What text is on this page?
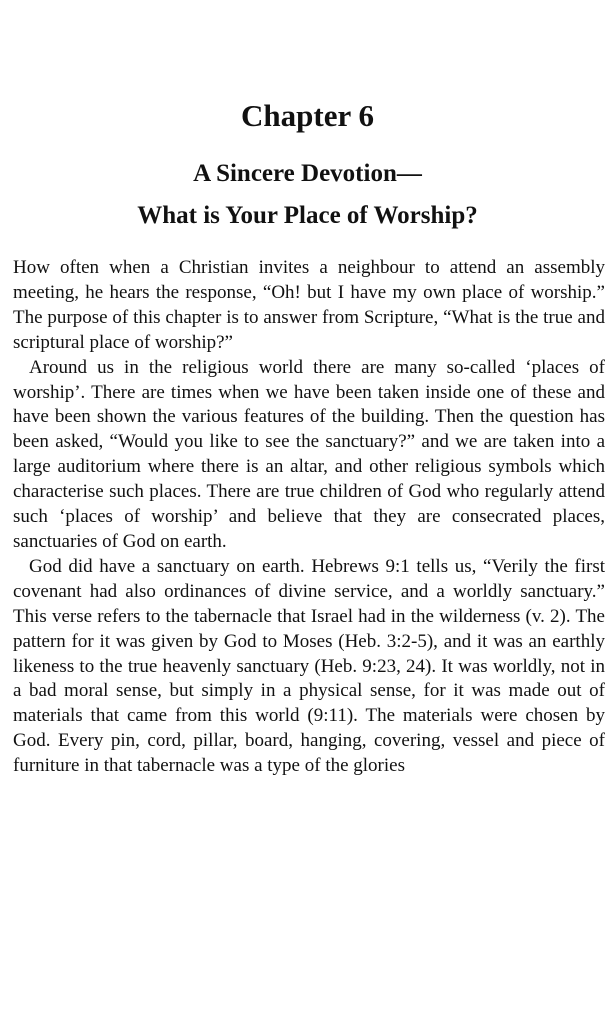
Chapter 6
A Sincere Devotion—
What is Your Place of Worship?

How often when a Christian invites a neighbour to attend an assembly meeting, he hears the response, “Oh! but I have my own place of worship.” The purpose of this chapter is to answer from Scripture, “What is the true and scriptural place of worship?”

Around us in the religious world there are many so-called ‘places of worship’. There are times when we have been taken inside one of these and have been shown the various features of the building. Then the question has been asked, “Would you like to see the sanctuary?” and we are taken into a large auditorium where there is an altar, and other religious symbols which characterise such places. There are true children of God who regularly attend such ‘places of worship’ and believe that they are consecrated places, sanctuaries of God on earth.

God did have a sanctuary on earth. Hebrews 9:1 tells us, “Verily the first covenant had also ordinances of divine service, and a worldly sanctuary.” This verse refers to the tabernacle that Israel had in the wilderness (v. 2). The pattern for it was given by God to Moses (Heb. 3:2-5), and it was an earthly likeness to the true heavenly sanctuary (Heb. 9:23, 24). It was worldly, not in a bad moral sense, but simply in a physical sense, for it was made out of materials that came from this world (9:11). The materials were chosen by God. Every pin, cord, pillar, board, hanging, covering, vessel and piece of furniture in that tabernacle was a type of the glories
